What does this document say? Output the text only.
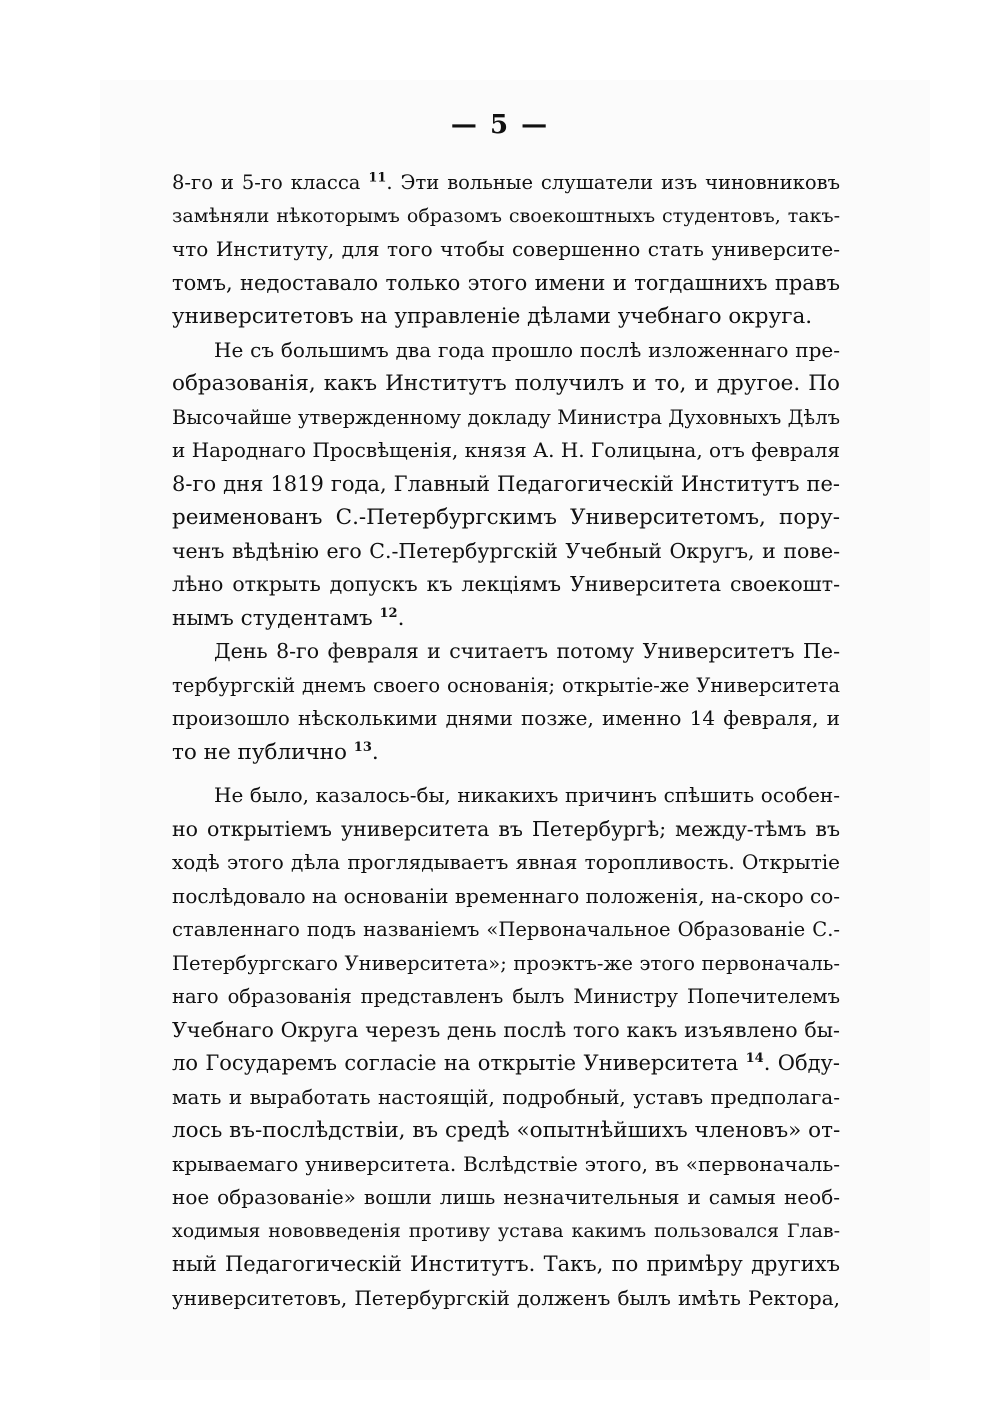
— 5 —
8-го и 5-го класса $^{11}$. Эти вольные слушатели изъ чиновниковъ
замѣняли нѣкоторымъ образомъ своекоштныхъ студентовъ, такъ-
что Институту, для того чтобы совершенно стать университе-
томъ, недоставало только этого имени и тогдашнихъ правъ
университетовъ на управленіе дѣлами учебнаго округа.
Не съ большимъ два года прошло послѣ изложеннаго пре-
образованія, какъ Институтъ получилъ и то, и другое. По
Высочайше утвержденному докладу Министра Духовныхъ Дѣлъ
и Народнаго Просвѣщенія, князя А. Н. Голицына, отъ февраля
8-го дня 1819 года, Главный Педагогическій Институтъ пе-
реименованъ С.-Петербургскимъ Университетомъ, пору-
ченъ вѣдѣнію его С.-Петербургскій Учебный Округъ, и повe-
лѣно открыть допускъ къ лекціямъ Университета своекошт-
нымъ студентамъ $^{12}$.
День 8-го февраля и считаетъ потому Университетъ Пе-
тербургскій днемъ своего основанія; открытіе-же Университета
произошло нѣсколькими днями позже, именно 14 февраля, и
то не публично $^{13}$.
Не было, казалось-бы, никакихъ причинъ спѣшить особен-
но открытіемъ университета въ Петербургѣ; между-тѣмъ въ
ходѣ этого дѣла проглядываетъ явная торопливость. Открытіе
послѣдовало на основаніи временнаго положенія, на-скоро со-
ставленнаго подъ названіемъ «Первоначальное Образованіе С.-
Петербургскаго Университета»; проэктъ-же этого первоначаль-
наго образованія представленъ былъ Министру Попечителемъ
Учебнаго Округа черезъ день послѣ того какъ изъявлено бы-
ло Государемъ согласіе на открытіе Университета $^{14}$. Обду-
мать и выработать настоящій, подробный, уставъ предполага-
лось въ-послѣдствіи, въ средѣ «опытнѣйшихъ членовъ» от-
крываемаго университета. Вслѣдствіе этого, въ «первоначаль-
ное образованіе» вошли лишь незначительныя и самыя необ-
ходимыя нововведенія противу устава какимъ пользовался Глав-
ный Педагогическій Институтъ. Такъ, по примѣру другихъ
университетовъ, Петербургскій долженъ былъ имѣть Ректора,
